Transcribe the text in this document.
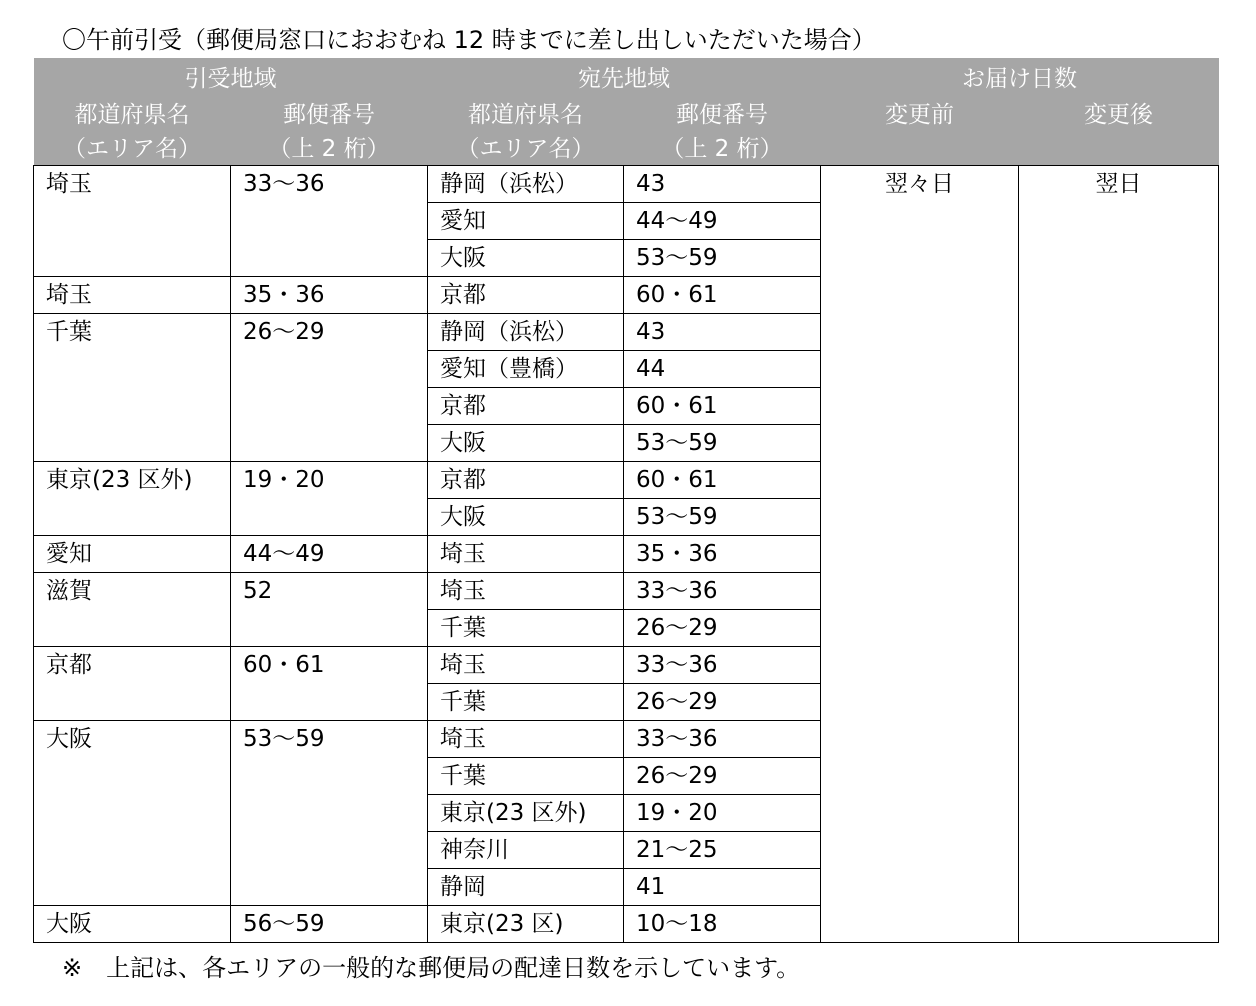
〇午前引受（郵便局窓口におおむね 12 時までに差し出しいただいた場合）
引受地域		宛先地域		お届け日数	
都道府県名	郵便番号	都道府県名	郵便番号	変更前	変更後
（エリア名）	（上 2 桁）	（エリア名）	（上 2 桁）		
埼玉	33～36	静岡（浜松）	43	翌々日	翌日
		愛知	44～49		
		大阪	53～59		
埼玉	35・36	京都	60・61		
千葉	26～29	静岡（浜松）	43		
		愛知（豊橋）	44		
		京都	60・61		
		大阪	53～59		
東京(23 区外)	19・20	京都	60・61		
		大阪	53～59		
愛知	44～49	埼玉	35・36		
滋賀	52	埼玉	33～36		
		千葉	26～29		
京都	60・61	埼玉	33～36		
		千葉	26～29		
大阪	53～59	埼玉	33～36		
		千葉	26～29		
		東京(23 区外)	19・20		
		神奈川	21～25		
		静岡	41		
大阪	56～59	東京(23 区)	10～18		
※　上記は、各エリアの一般的な郵便局の配達日数を示しています。
